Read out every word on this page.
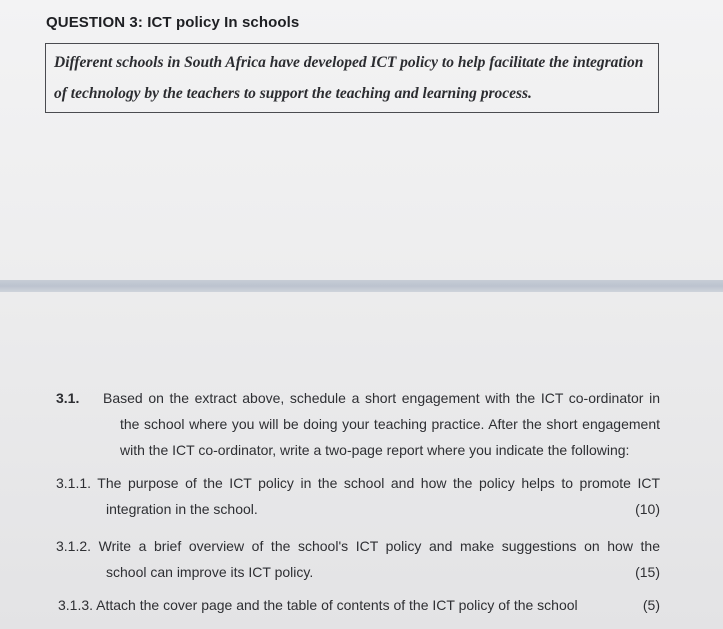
QUESTION 3: ICT policy In schools

Different schools in South Africa have developed ICT policy to help facilitate the integration

of technology by the teachers to support the teaching and learning process.

3.1.	Based on the extract above, schedule a short engagement with the ICT co-ordinator in the school where you will be doing your teaching practice. After the short engagement with the ICT co-ordinator, write a two-page report where you indicate the following:
3.1.1. The purpose of the ICT policy in the school and how the policy helps to promote ICT
integration in the school.	(10)
3.1.2. Write a brief overview of the school's ICT policy and make suggestions on how the
school can improve its ICT policy.	(15)
3.1.3. Attach the cover page and the table of contents of the ICT policy of the school	(5)
